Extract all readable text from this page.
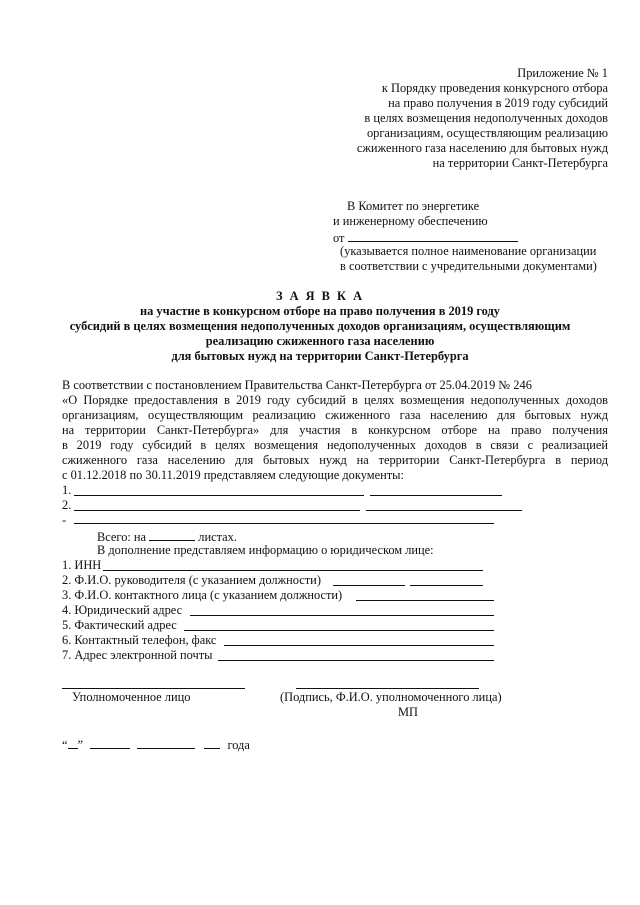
Приложение № 1
к Порядку проведения конкурсного отбора
на право получения в 2019 году субсидий
в целях возмещения недополученных доходов
организациям, осуществляющим реализацию
сжиженного газа населению для бытовых нужд
на территории Санкт-Петербурга
В Комитет по энергетике
и инженерному обеспечению
от
(указывается полное наименование организации
в соответствии с учредительными документами)
З А Я В К А
на участие в конкурсном отборе на право получения в 2019 году
субсидий в целях возмещения недополученных доходов организациям, осуществляющим
реализацию сжиженного газа населению
для бытовых нужд на территории Санкт-Петербурга
В соответствии с постановлением Правительства Санкт-Петербурга от 25.04.2019 № 246
«О Порядке предоставления в 2019 году субсидий в целях возмещения недополученных доходов
организациям, осуществляющим реализацию сжиженного газа населению для бытовых нужд
на территории Санкт-Петербурга» для участия в конкурсном отборе на право получения
в 2019 году субсидий в целях возмещения недополученных доходов в связи с реализацией
сжиженного газа населению для бытовых нужд на территории Санкт-Петербурга в период
с 01.12.2018 по 30.11.2019 представляем следующие документы:
1.
2.
-
Всего: на	листах.
В дополнение представляем информацию о юридическом лице:
1. ИНН
2. Ф.И.О. руководителя (с указанием должности)
3. Ф.И.О. контактного лица (с указанием должности)
4. Юридический адрес
5. Фактический адрес
6. Контактный телефон, факс
7. Адрес электронной почты
Уполномоченное лицо	(Подпись, Ф.И.О. уполномоченного лица)
МП
“ ”	года
